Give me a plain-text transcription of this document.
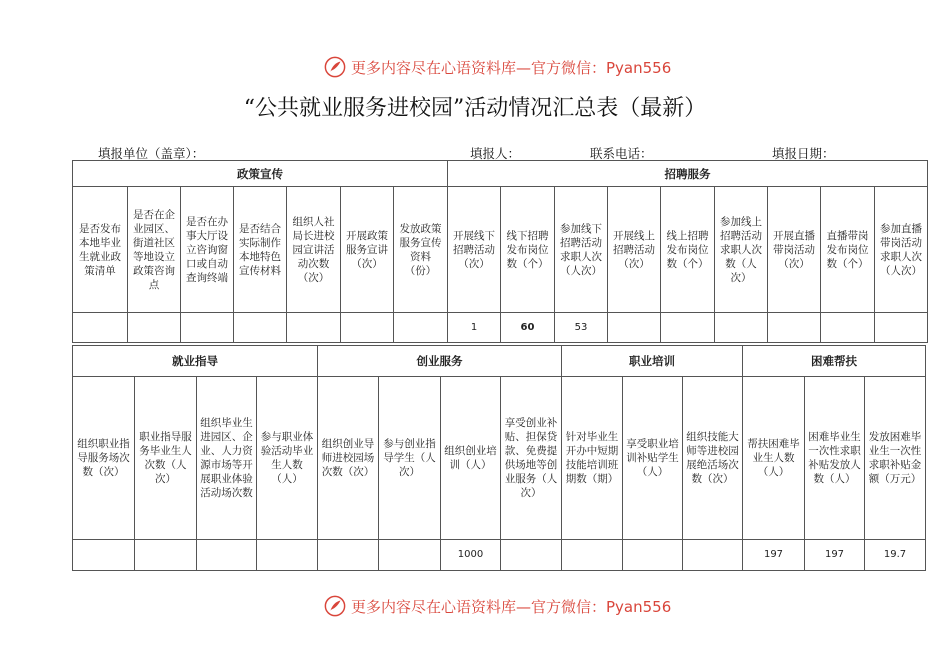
更多内容尽在心语资料库—官方微信：Pyan556
“公共就业服务进校园”活动情况汇总表（最新）
填报单位（盖章）：	填报人：	联系电话：	填报日期：
政策宣传							招聘服务								
是否发布本地毕业生就业政策清单	是否在企业园区、街道社区等地设立政策咨询点	是否在办事大厅设立咨询窗口或自动查询终端	是否结合实际制作本地特色宣传材料	组织人社局长进校园宣讲活动次数（次）	开展政策服务宣讲（次）	发放政策服务宣传资料（份）	开展线下招聘活动（次）	线下招聘发布岗位数（个）	参加线下招聘活动求职人次（人次）	开展线上招聘活动（次）	线上招聘发布岗位数（个）	参加线上招聘活动求职人次数（人次）	开展直播带岗活动（次）	直播带岗发布岗位数（个）	参加直播带岗活动求职人次（人次）
							1	60	53						
就业指导				创业服务				职业培训			困难帮扶		
组织职业指导服务场次数（次）	职业指导服务毕业生人次数（人次）	组织毕业生进园区、企业、人力资源市场等开展职业体验活动场次数	参与职业体验活动毕业生人数（人）	组织创业导师进校园场次数（次）	参与创业指导学生（人次）	组织创业培训（人）	享受创业补贴、担保贷款、免费提供场地等创业服务（人次）	针对毕业生开办中短期技能培训班期数（期）	享受职业培训补贴学生（人）	组织技能大师等进校园展绝活场次数（次）	帮扶困难毕业生人数（人）	困难毕业生一次性求职补贴发放人数（人）	发放困难毕业生一次性求职补贴金额（万元）
						1000					197	197	19.7
更多内容尽在心语资料库—官方微信：Pyan556
